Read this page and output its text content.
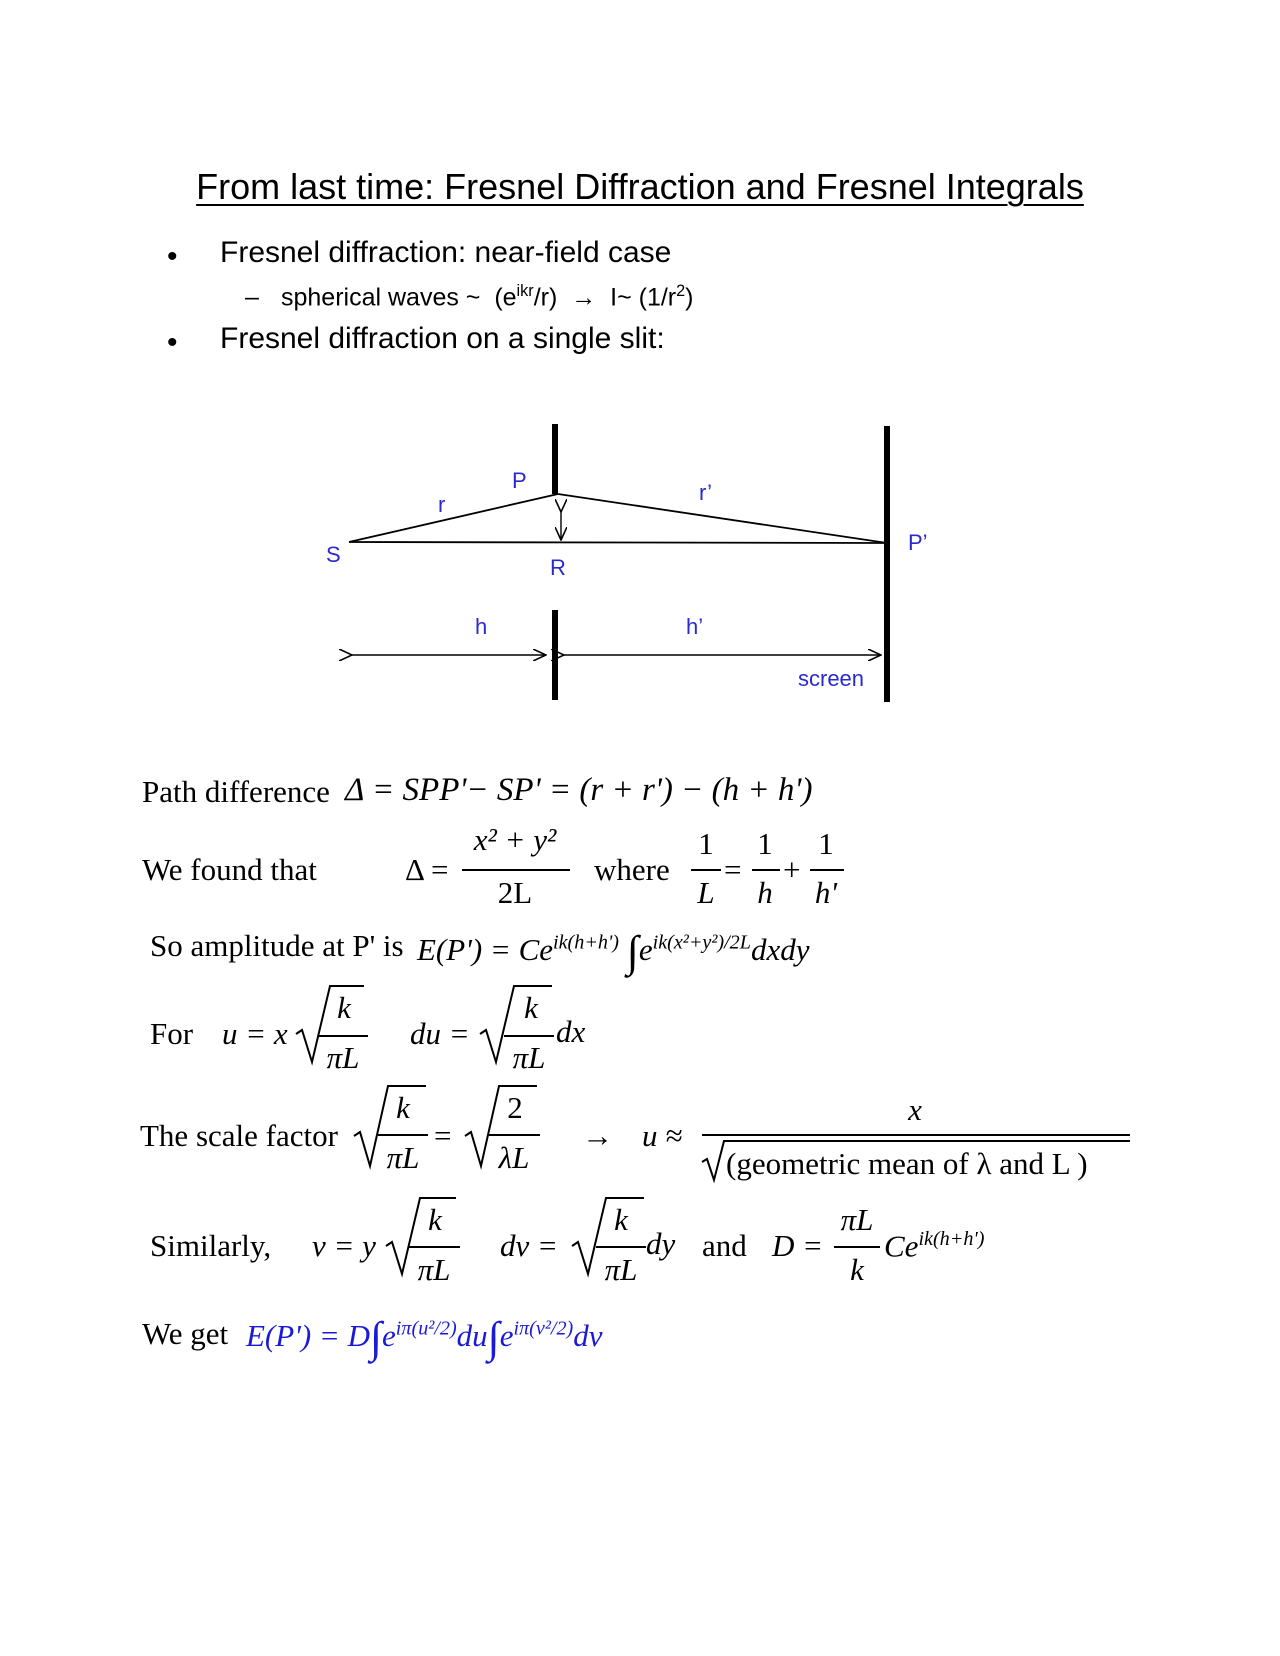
From last time: Fresnel Diffraction and Fresnel Integrals
• Fresnel diffraction: near-field case
– spherical waves ~ $(e^{ikr}/r)$ → I~ $(1/r^2)$
• Fresnel diffraction on a single slit:
P
r	r’
S
R
P’
h	h’
screen
Path difference Δ = SPP'− SP' = (r + r') − (h + h')
We found that	Δ =
x² + y²
2L
where
1
L
=
1
h
+
1
h'
So amplitude at P' is $E(P') = Ce^{ik(h+h')}$ $\int e^{ik(x^2+y^2)/2L}dxdy$
For u = x
k
πL
du =
k
πL
dx
The scale factor
k
πL
=
2
λL
→ u ≈
x
(geometric mean of λ and L )
Similarly, v = y
k
πL
dv =
k
πL
dy and D =
πL
k
$Ce^{ik(h+h')}$
We get $E(P') = D\int e^{i\pi(u^2/2)}du\int e^{i\pi(v^2/2)}dv$
